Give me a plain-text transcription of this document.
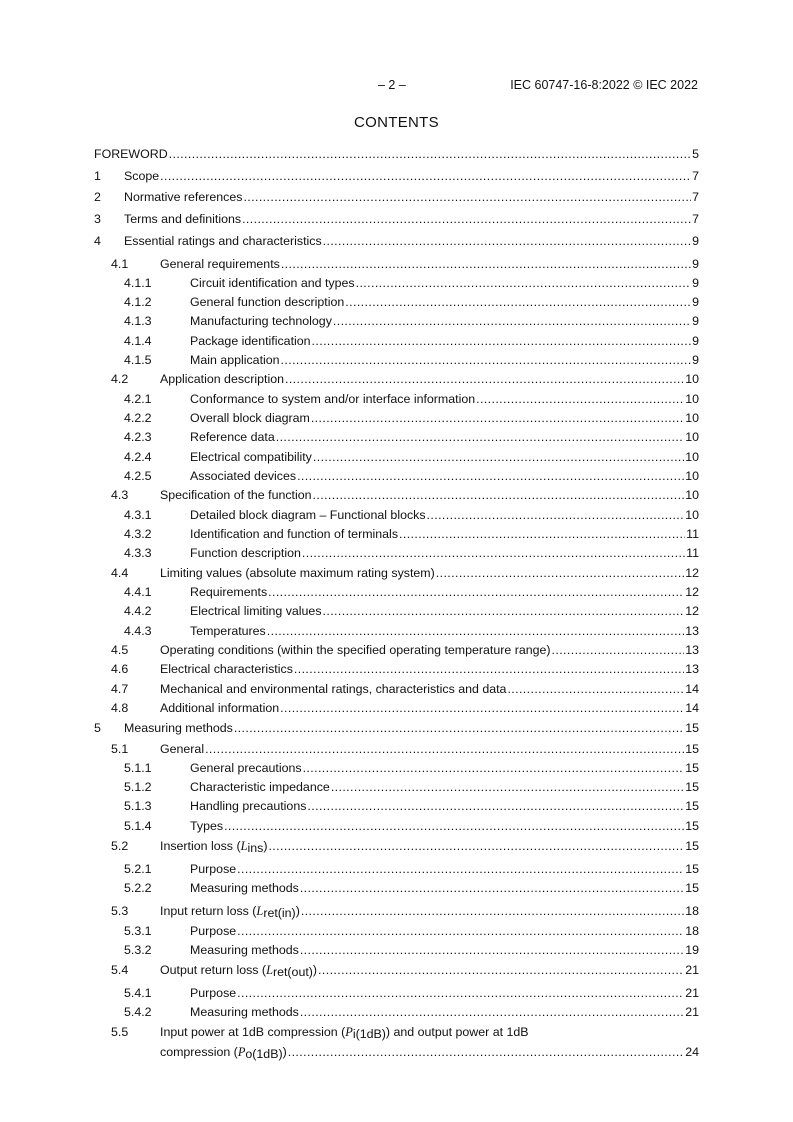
– 2 –	IEC 60747-16-8:2022 © IEC 2022
CONTENTS
FOREWORD .....	5
1	Scope .....	7
2	Normative references .....	7
3	Terms and definitions .....	7
4	Essential ratings and characteristics .....	9
4.1	General requirements .....	9
4.1.1	Circuit identification and types .....	9
4.1.2	General function description .....	9
4.1.3	Manufacturing technology .....	9
4.1.4	Package identification .....	9
4.1.5	Main application .....	9
4.2	Application description .....	10
4.2.1	Conformance to system and/or interface information .....	10
4.2.2	Overall block diagram .....	10
4.2.3	Reference data .....	10
4.2.4	Electrical compatibility .....	10
4.2.5	Associated devices .....	10
4.3	Specification of the function .....	10
4.3.1	Detailed block diagram – Functional blocks .....	10
4.3.2	Identification and function of terminals .....	11
4.3.3	Function description .....	11
4.4	Limiting values (absolute maximum rating system) .....	12
4.4.1	Requirements .....	12
4.4.2	Electrical limiting values .....	12
4.4.3	Temperatures .....	13
4.5	Operating conditions (within the specified operating temperature range) .....	13
4.6	Electrical characteristics .....	13
4.7	Mechanical and environmental ratings, characteristics and data .....	14
4.8	Additional information .....	14
5	Measuring methods .....	15
5.1	General .....	15
5.1.1	General precautions .....	15
5.1.2	Characteristic impedance .....	15
5.1.3	Handling precautions .....	15
5.1.4	Types .....	15
5.2	Insertion loss (Lins) .....	15
5.2.1	Purpose .....	15
5.2.2	Measuring methods .....	15
5.3	Input return loss (Lret(in)) .....	18
5.3.1	Purpose .....	18
5.3.2	Measuring methods .....	19
5.4	Output return loss (Lret(out)) .....	21
5.4.1	Purpose .....	21
5.4.2	Measuring methods .....	21
5.5	Input power at 1dB compression (Pi(1dB)) and output power at 1dB
compression (Po(1dB)) .....	24
